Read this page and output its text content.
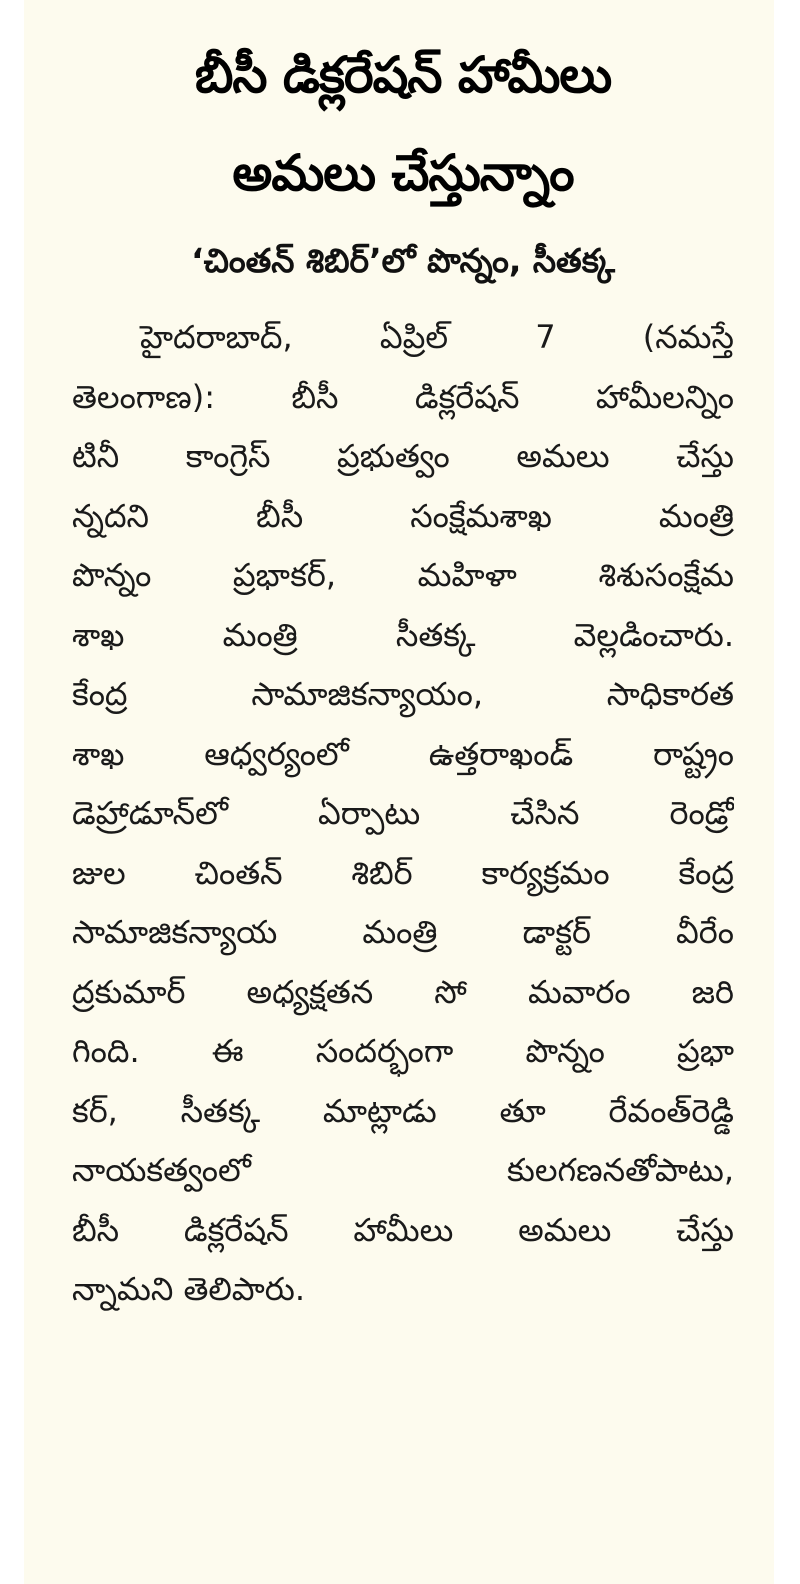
బీసీ డిక్లరేషన్ హామీలు
అమలు చేస్తున్నాం
‘చింతన్ శిబిర్’లో పొన్నం, సీతక్క
హైదరాబాద్, ఏప్రిల్ 7 (నమస్తే
తెలంగాణ): బీసీ డిక్లరేషన్ హామీలన్నిం
టినీ కాంగ్రెస్ ప్రభుత్వం అమలు చేస్తు
న్నదని బీసీ సంక్షేమశాఖ మంత్రి
పొన్నం ప్రభాకర్, మహిళా శిశుసంక్షేమ
శాఖ మంత్రి సీతక్క వెల్లడించారు.
కేంద్ర సామాజికన్యాయం, సాధికారత
శాఖ ఆధ్వర్యంలో ఉత్తరాఖండ్ రాష్ట్రం
డెహ్రాడూన్‌లో ఏర్పాటు చేసిన రెండ్రో
జుల చింతన్ శిబిర్ కార్యక్రమం కేంద్ర
సామాజికన్యాయ మంత్రి డాక్టర్ వీరేం
ద్రకుమార్ అధ్యక్షతన సో మవారం జరి
గింది. ఈ సందర్భంగా పొన్నం ప్రభా
కర్, సీతక్క మాట్లాడు తూ రేవంత్‌రెడ్డి
నాయకత్వంలో కులగణనతోపాటు,
బీసీ డిక్లరేషన్ హామీలు అమలు చేస్తు
న్నామని తెలిపారు.
